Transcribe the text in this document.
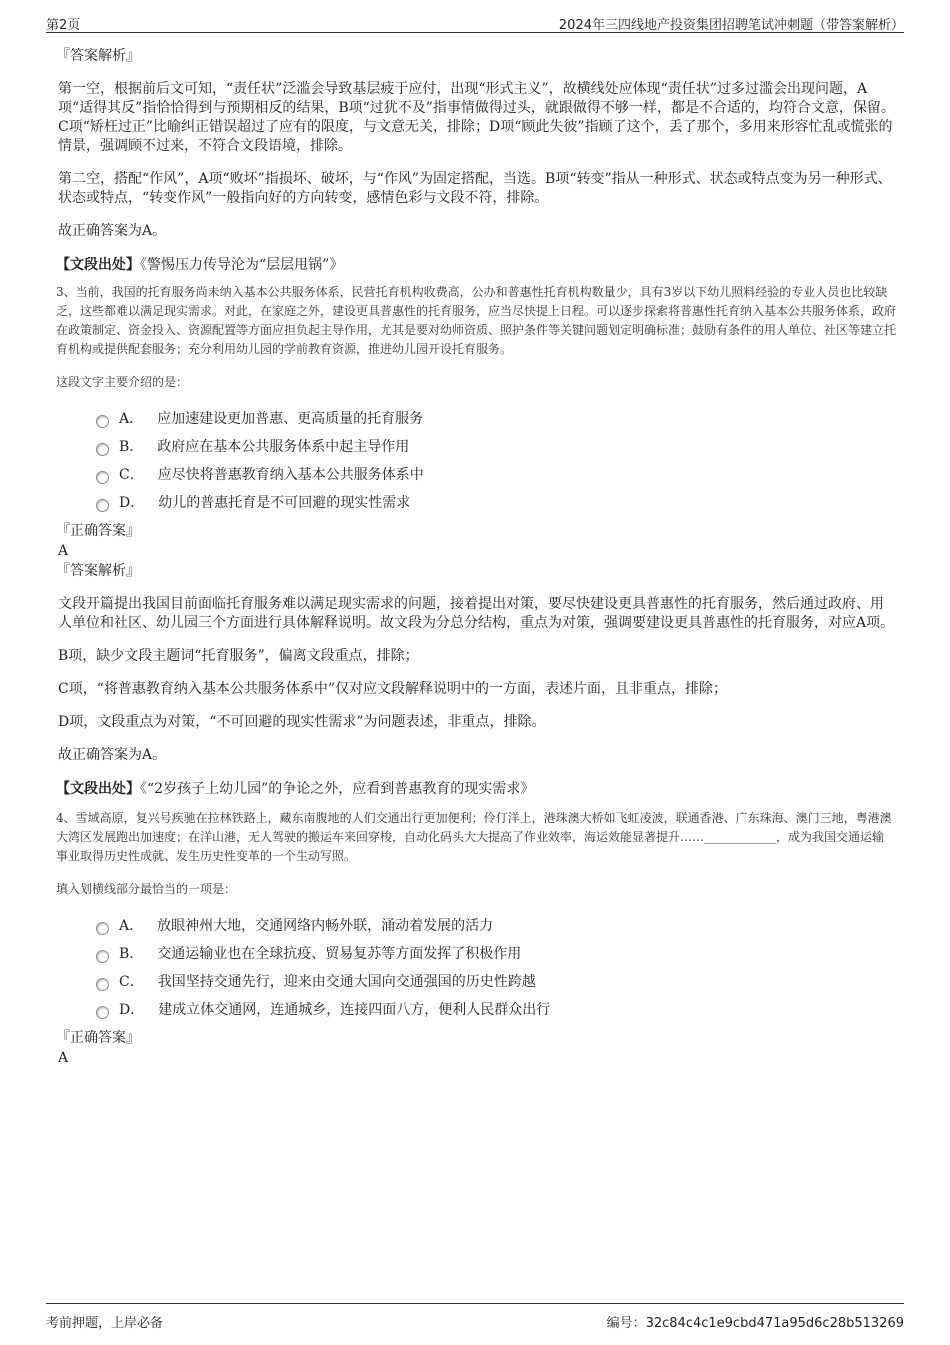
第2页	2024年三四线地产投资集团招聘笔试冲刺题（带答案解析）

『答案解析』

第一空，根据前后文可知，“责任状”泛滥会导致基层疲于应付，出现“形式主义”，故横线处应体现“责任状”过多过滥会出现问题，A项“适得其反”指恰恰得到与预期相反的结果，B项“过犹不及”指事情做得过头，就跟做得不够一样，都是不合适的，均符合文意，保留。C项“矫枉过正”比喻纠正错误超过了应有的限度，与文意无关，排除；D项“顾此失彼”指顾了这个，丢了那个，多用来形容忙乱或慌张的情景，强调顾不过来，不符合文段语境，排除。

第二空，搭配“作风”，A项“败坏”指损坏、破坏，与“作风”为固定搭配，当选。B项“转变”指从一种形式、状态或特点变为另一种形式、状态或特点，“转变作风”一般指向好的方向转变，感情色彩与文段不符，排除。

故正确答案为A。

【文段出处】《警惕压力传导沦为“层层甩锅”》

3、当前，我国的托育服务尚未纳入基本公共服务体系，民营托育机构收费高，公办和普惠性托育机构数量少，具有3岁以下幼儿照料经验的专业人员也比较缺乏，这些都难以满足现实需求。对此，在家庭之外，建设更具普惠性的托育服务，应当尽快提上日程。可以逐步探索将普惠性托育纳入基本公共服务体系，政府在政策制定、资金投入、资源配置等方面应担负起主导作用，尤其是要对幼师资质、照护条件等关键问题划定明确标准；鼓励有条件的用人单位、社区等建立托育机构或提供配套服务；充分利用幼儿园的学前教育资源，推进幼儿园开设托育服务。

这段文字主要介绍的是：

A． 应加速建设更加普惠、更高质量的托育服务
B． 政府应在基本公共服务体系中起主导作用
C． 应尽快将普惠教育纳入基本公共服务体系中
D． 幼儿的普惠托育是不可回避的现实性需求

『正确答案』

A

『答案解析』

文段开篇提出我国目前面临托育服务难以满足现实需求的问题，接着提出对策，要尽快建设更具普惠性的托育服务，然后通过政府、用人单位和社区、幼儿园三个方面进行具体解释说明。故文段为分总分结构，重点为对策，强调要建设更具普惠性的托育服务，对应A项。

B项，缺少文段主题词“托育服务”，偏离文段重点，排除；

C项，“将普惠教育纳入基本公共服务体系中”仅对应文段解释说明中的一方面，表述片面，且非重点，排除；

D项，文段重点为对策，“不可回避的现实性需求”为问题表述，非重点，排除。

故正确答案为A。

【文段出处】《“2岁孩子上幼儿园”的争论之外，应看到普惠教育的现实需求》

4、雪域高原，复兴号疾驰在拉林铁路上，藏东南腹地的人们交通出行更加便利；伶仃洋上，港珠澳大桥如飞虹凌波，联通香港、广东珠海、澳门三地，粤港澳大湾区发展跑出加速度；在洋山港，无人驾驶的搬运车来回穿梭，自动化码头大大提高了作业效率，海运效能显著提升……____________，成为我国交通运输事业取得历史性成就、发生历史性变革的一个生动写照。

填入划横线部分最恰当的一项是：

A． 放眼神州大地，交通网络内畅外联，涌动着发展的活力
B． 交通运输业也在全球抗疫、贸易复苏等方面发挥了积极作用
C． 我国坚持交通先行，迎来由交通大国向交通强国的历史性跨越
D． 建成立体交通网，连通城乡，连接四面八方，便利人民群众出行

『正确答案』

A

考前押题，上岸必备	编号：32c84c4c1e9cbd471a95d6c28b513269
